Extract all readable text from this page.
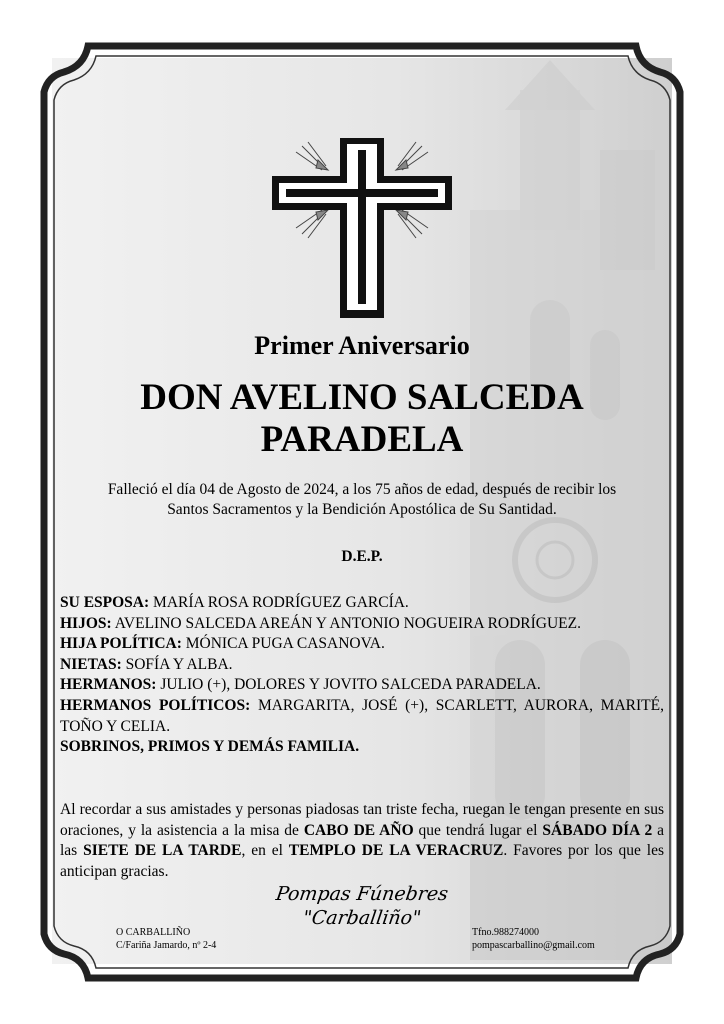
Primer Aniversario
DON AVELINO SALCEDA
PARADELA
Falleció el día 04 de Agosto de 2024, a los 75 años de edad, después de recibir los
Santos Sacramentos y la Bendición Apostólica de Su Santidad.
D.E.P.
SU ESPOSA: MARÍA ROSA RODRÍGUEZ GARCÍA.
HIJOS: AVELINO SALCEDA AREÁN Y ANTONIO NOGUEIRA RODRÍGUEZ.
HIJA POLÍTICA: MÓNICA PUGA CASANOVA.
NIETAS: SOFÍA Y ALBA.
HERMANOS: JULIO (+), DOLORES Y JOVITO SALCEDA PARADELA.
HERMANOS POLÍTICOS: MARGARITA, JOSÉ (+), SCARLETT, AURORA, MARITÉ, TOÑO Y CELIA.
SOBRINOS, PRIMOS Y DEMÁS FAMILIA.
Al recordar a sus amistades y personas piadosas tan triste fecha, ruegan le tengan presente en sus oraciones, y la asistencia a la misa de CABO DE AÑO que tendrá lugar el SÁBADO DÍA 2 a las SIETE DE LA TARDE, en el TEMPLO DE LA VERACRUZ. Favores por los que les anticipan gracias.
O CARBALLIÑO
C/Fariña Jamardo, nº 2-4
Pompas Fúnebres
"Carballiño"
Tfno.988274000
pompascarballino@gmail.com
